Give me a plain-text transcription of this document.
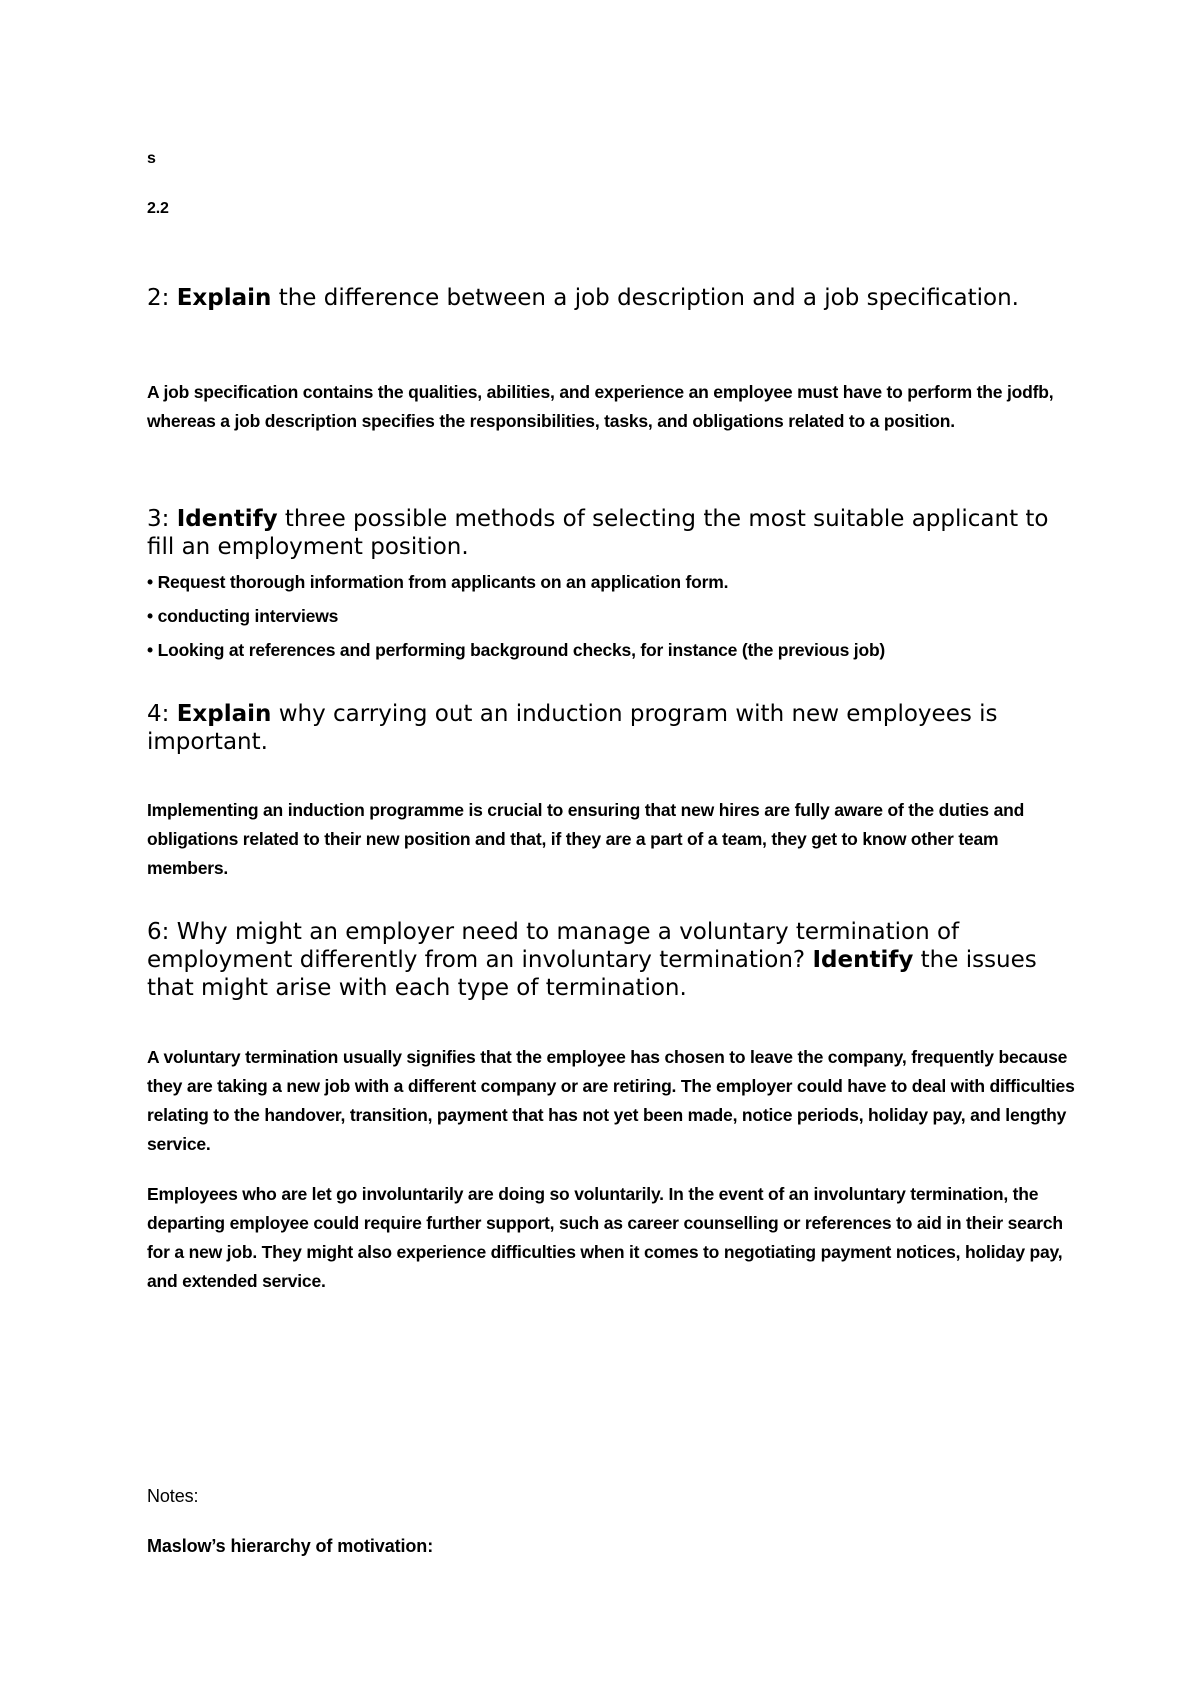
s
2.2
2: Explain the difference between a job description and a job specification.
A job specification contains the qualities, abilities, and experience an employee must have to perform the jodfb, whereas a job description specifies the responsibilities, tasks, and obligations related to a position.
3: Identify three possible methods of selecting the most suitable applicant to fill an employment position.
• Request thorough information from applicants on an application form.
• conducting interviews
• Looking at references and performing background checks, for instance (the previous job)
4: Explain why carrying out an induction program with new employees is important.
Implementing an induction programme is crucial to ensuring that new hires are fully aware of the duties and obligations related to their new position and that, if they are a part of a team, they get to know other team members.
6: Why might an employer need to manage a voluntary termination of employment differently from an involuntary termination? Identify the issues that might arise with each type of termination.
A voluntary termination usually signifies that the employee has chosen to leave the company, frequently because they are taking a new job with a different company or are retiring. The employer could have to deal with difficulties relating to the handover, transition, payment that has not yet been made, notice periods, holiday pay, and lengthy service.
Employees who are let go involuntarily are doing so voluntarily. In the event of an involuntary termination, the departing employee could require further support, such as career counselling or references to aid in their search for a new job. They might also experience difficulties when it comes to negotiating payment notices, holiday pay, and extended service.
Notes:
Maslow’s hierarchy of motivation:
